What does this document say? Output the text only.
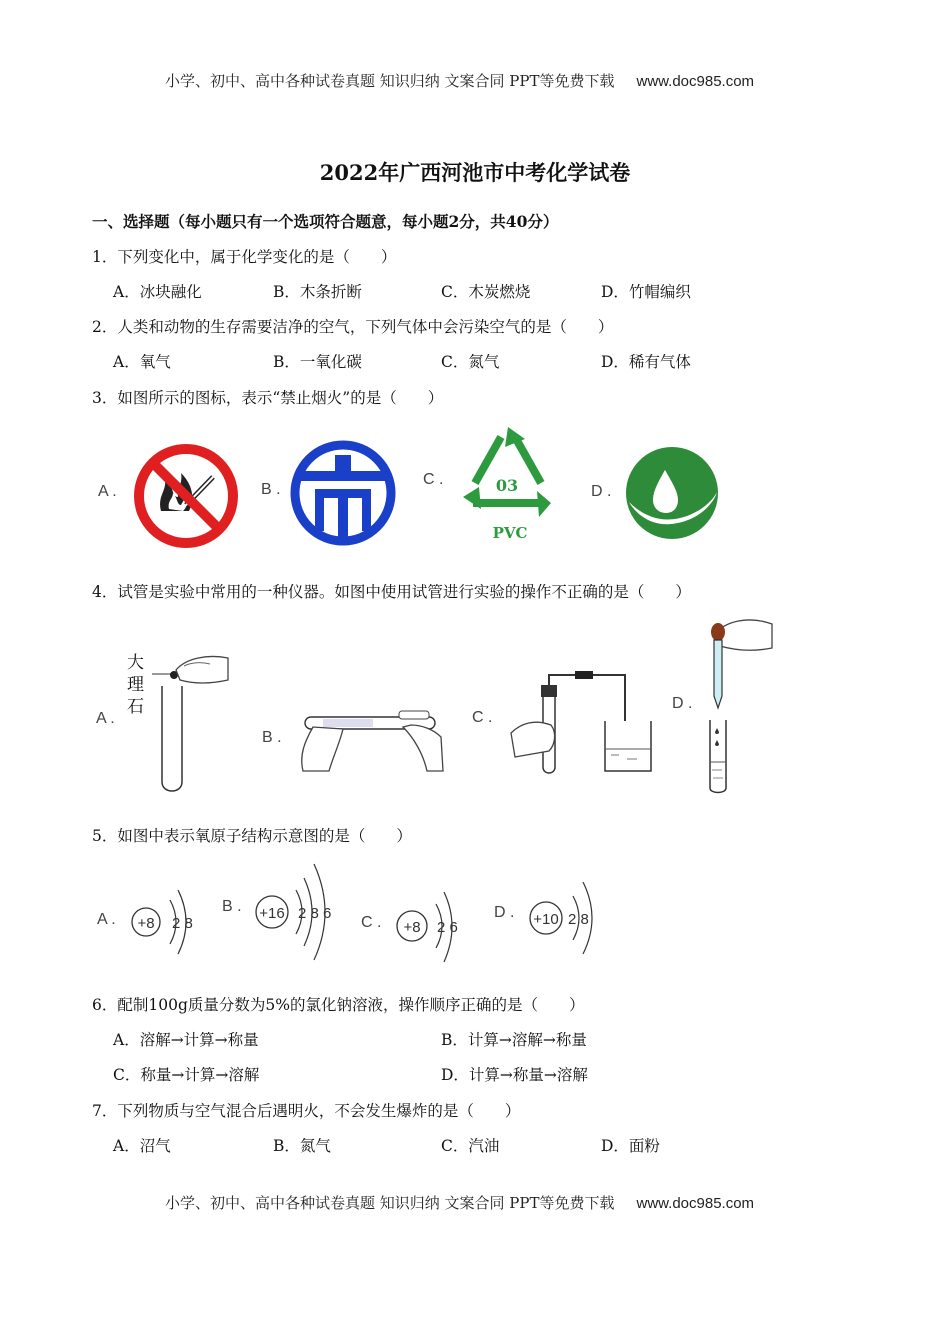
小学、初中、高中各种试卷真题 知识归纳 文案合同 PPT等免费下载 www.doc985.com
2022年广西河池市中考化学试卷
一、选择题（每小题只有一个选项符合题意，每小题2分，共40分）
1．下列变化中，属于化学变化的是（　　）
A．冰块融化	B．木条折断	C．木炭燃烧	D．竹帽编织
2．人类和动物的生存需要洁净的空气，下列气体中会污染空气的是（　　）
A．氧气	B．一氧化碳	C．氮气	D．稀有气体
3．如图所示的图标，表示“禁止烟火”的是（　　）
A .	B .
C .
D .
03
PVC
4．试管是实验中常用的一种仪器。如图中使用试管进行实验的操作不正确的是（　　）
A .
B .
C .
D .
大
理
石
5．如图中表示氧原子结构示意图的是（　　）
A .
B .
C .
D .
+8 2 8
+16 2 8 6
+8 2 6	+10 2 8
6．配制100g质量分数为5%的氯化钠溶液，操作顺序正确的是（　　）
A．溶解→计算→称量	B．计算→溶解→称量
C．称量→计算→溶解	D．计算→称量→溶解
7．下列物质与空气混合后遇明火，不会发生爆炸的是（　　）
A．沼气	B．氮气	C．汽油	D．面粉
小学、初中、高中各种试卷真题 知识归纳 文案合同 PPT等免费下载 www.doc985.com
